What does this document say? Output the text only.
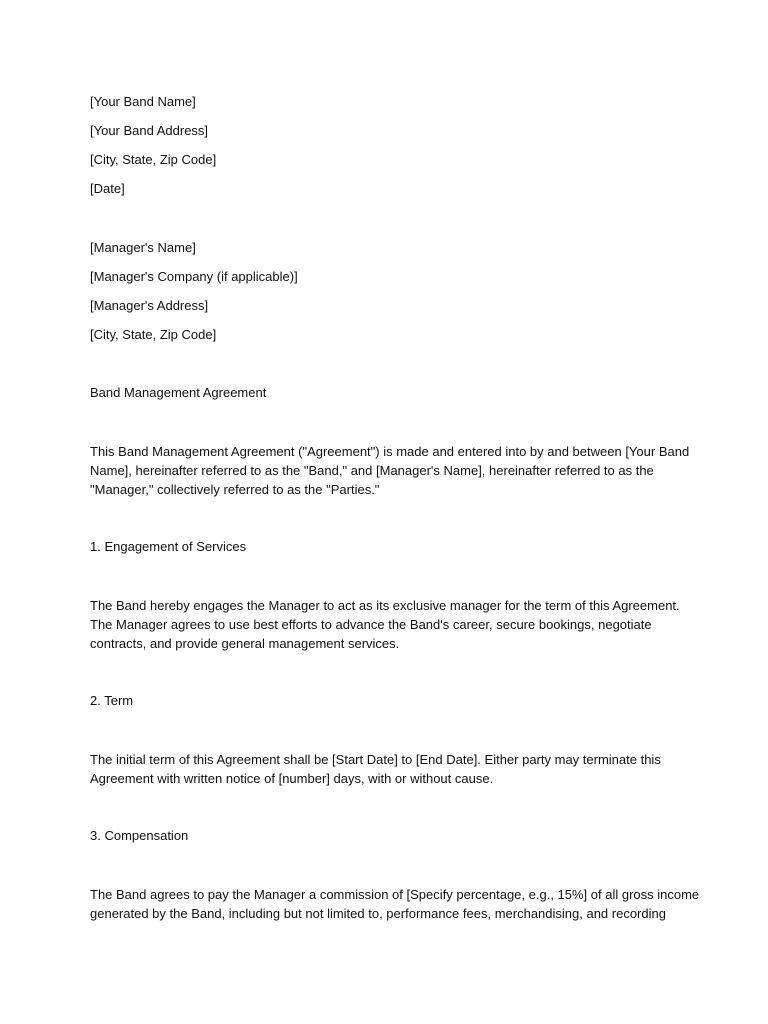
[Your Band Name]
[Your Band Address]
[City, State, Zip Code]
[Date]
[Manager's Name]
[Manager's Company (if applicable)]
[Manager's Address]
[City, State, Zip Code]
Band Management Agreement
This Band Management Agreement ("Agreement") is made and entered into by and between [Your Band
Name], hereinafter referred to as the "Band," and [Manager's Name], hereinafter referred to as the
"Manager," collectively referred to as the "Parties."
1. Engagement of Services
The Band hereby engages the Manager to act as its exclusive manager for the term of this Agreement.
The Manager agrees to use best efforts to advance the Band's career, secure bookings, negotiate
contracts, and provide general management services.
2. Term
The initial term of this Agreement shall be [Start Date] to [End Date]. Either party may terminate this
Agreement with written notice of [number] days, with or without cause.
3. Compensation
The Band agrees to pay the Manager a commission of [Specify percentage, e.g., 15%] of all gross income
generated by the Band, including but not limited to, performance fees, merchandising, and recording
